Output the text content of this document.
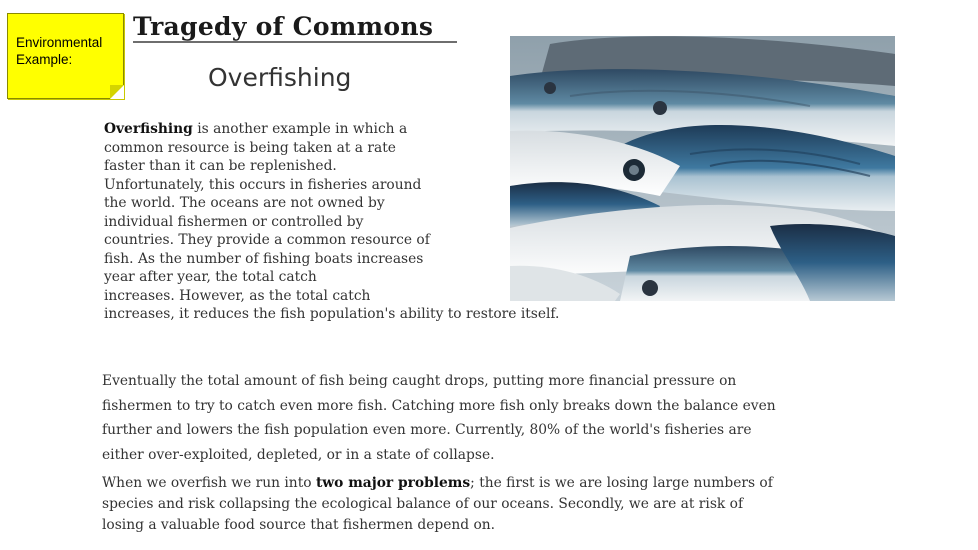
Environmental
Example:
Tragedy of Commons
Overfishing
Overfishing is another example in which a
common resource is being taken at a rate
faster than it can be replenished.
Unfortunately, this occurs in fisheries around
the world. The oceans are not owned by
individual fishermen or controlled by
countries. They provide a common resource of
fish. As the number of fishing boats increases
year after year, the total catch
increases. However, as the total catch
increases, it reduces the fish population's ability to restore itself.
Eventually the total amount of fish being caught drops, putting more financial pressure on
fishermen to try to catch even more fish. Catching more fish only breaks down the balance even
further and lowers the fish population even more. Currently, 80% of the world's fisheries are
either over-exploited, depleted, or in a state of collapse.
When we overfish we run into two major problems; the first is we are losing large numbers of
species and risk collapsing the ecological balance of our oceans. Secondly, we are at risk of
losing a valuable food source that fishermen depend on.
